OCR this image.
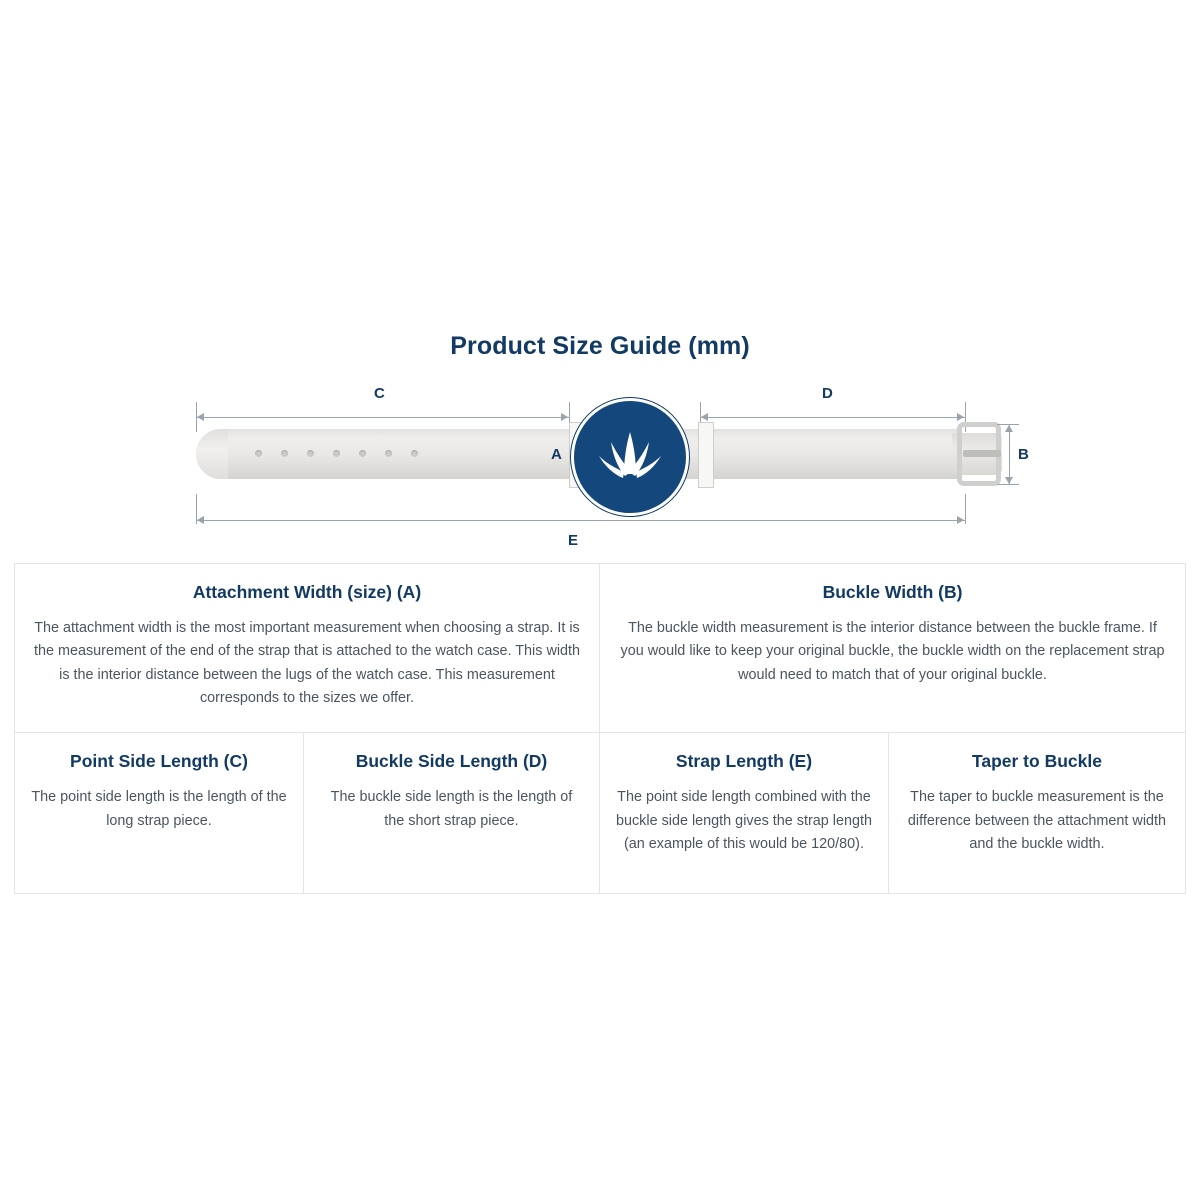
Product Size Guide (mm)
C	D
A	B
E
Attachment Width (size) (A)

The attachment width is the most important measurement when choosing a strap. It is the measurement of the end of the strap that is attached to the watch case. This width is the interior distance between the lugs of the watch case. This measurement corresponds to the sizes we offer.

Buckle Width (B)

The buckle width measurement is the interior distance between the buckle frame. If you would like to keep your original buckle, the buckle width on the replacement strap would need to match that of your original buckle.

Point Side Length (C)

The point side length is the length of the long strap piece.

Buckle Side Length (D)

The buckle side length is the length of the short strap piece.

Strap Length (E)

The point side length combined with the buckle side length gives the strap length (an example of this would be 120/80).

Taper to Buckle

The taper to buckle measurement is the difference between the attachment width and the buckle width.
